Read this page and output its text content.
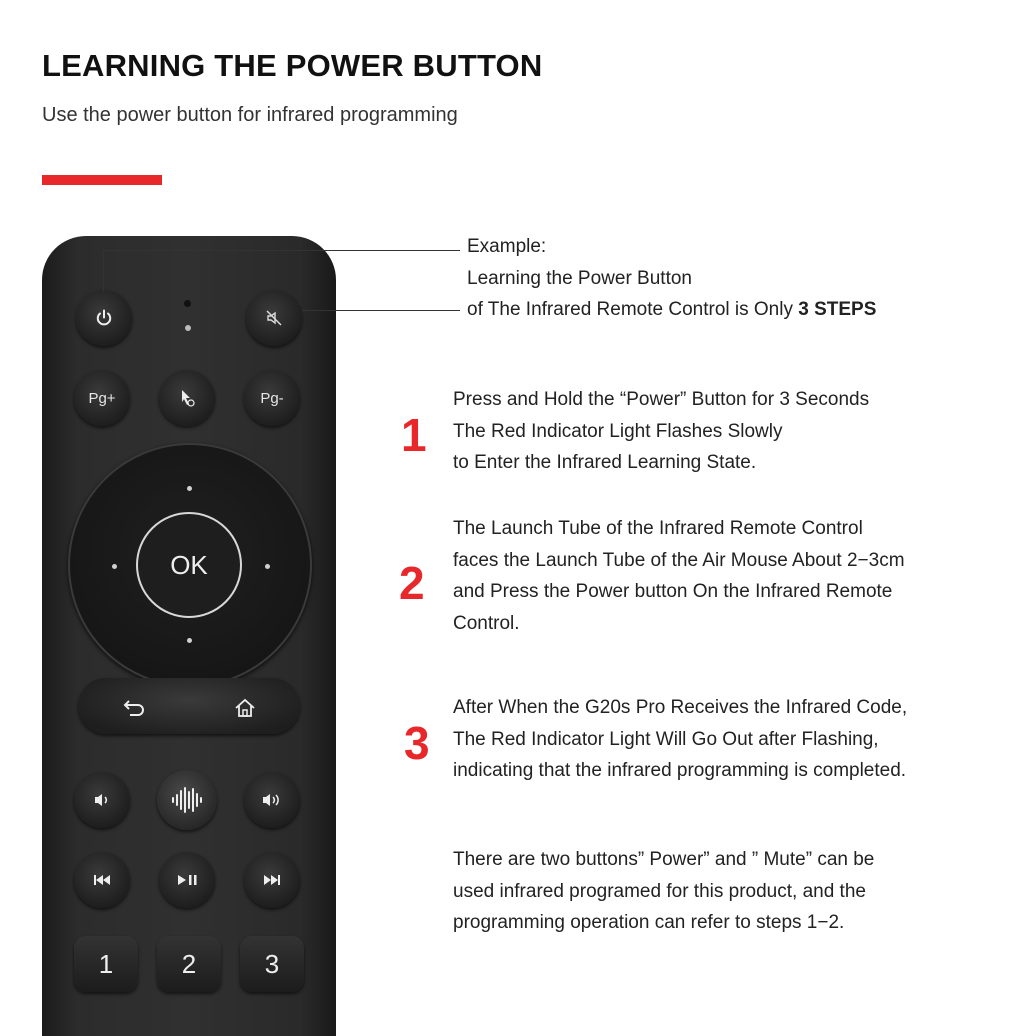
LEARNING THE POWER BUTTON
Use the power button for infrared programming
Pg+	Pg-
OK
1	2	3
Example:
Learning the Power Button
of The Infrared Remote Control is Only 3 STEPS
1
Press and Hold the “Power” Button for 3 Seconds
The Red Indicator Light Flashes Slowly
to Enter the Infrared Learning State.
2
The Launch Tube of the Infrared Remote Control
faces the Launch Tube of the Air Mouse About 2−3cm
and Press the Power button On the Infrared Remote
Control.
3
After When the G20s Pro Receives the Infrared Code,
The Red Indicator Light Will Go Out after Flashing,
indicating that the infrared programming is completed.
There are two buttons” Power” and ” Mute” can be
used infrared programed for this product, and the
programming operation can refer to steps 1−2.
